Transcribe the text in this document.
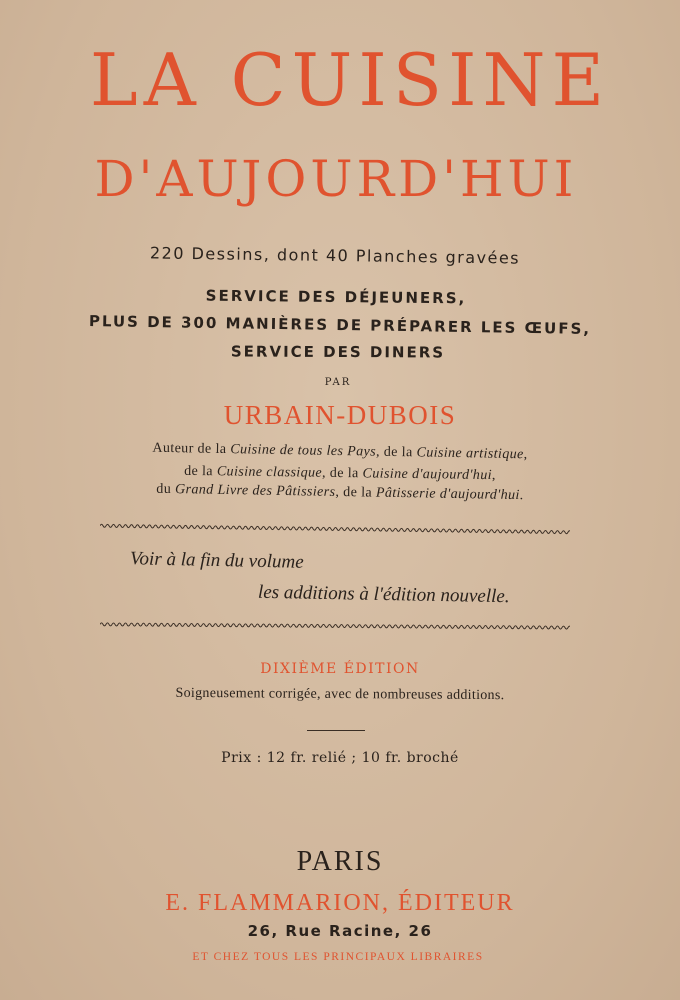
LA CUISINE
D'AUJOURD'HUI
220 Dessins, dont 40 Planches gravées
SERVICE DES DÉJEUNERS,
PLUS DE 300 MANIÈRES DE PRÉPARER LES ŒUFS,
SERVICE DES DINERS
PAR
URBAIN-DUBOIS
Auteur de la Cuisine de tous les Pays, de la Cuisine artistique,
de la Cuisine classique, de la Cuisine d'aujourd'hui,
du Grand Livre des Pâtissiers, de la Pâtisserie d'aujourd'hui.
Voir à la fin du volume
les additions à l'édition nouvelle.
DIXIÈME ÉDITION
Soigneusement corrigée, avec de nombreuses additions.
Prix : 12 fr. relié ; 10 fr. broché
PARIS
E. FLAMMARION, ÉDITEUR
26, Rue Racine, 26
ET CHEZ TOUS LES PRINCIPAUX LIBRAIRES
